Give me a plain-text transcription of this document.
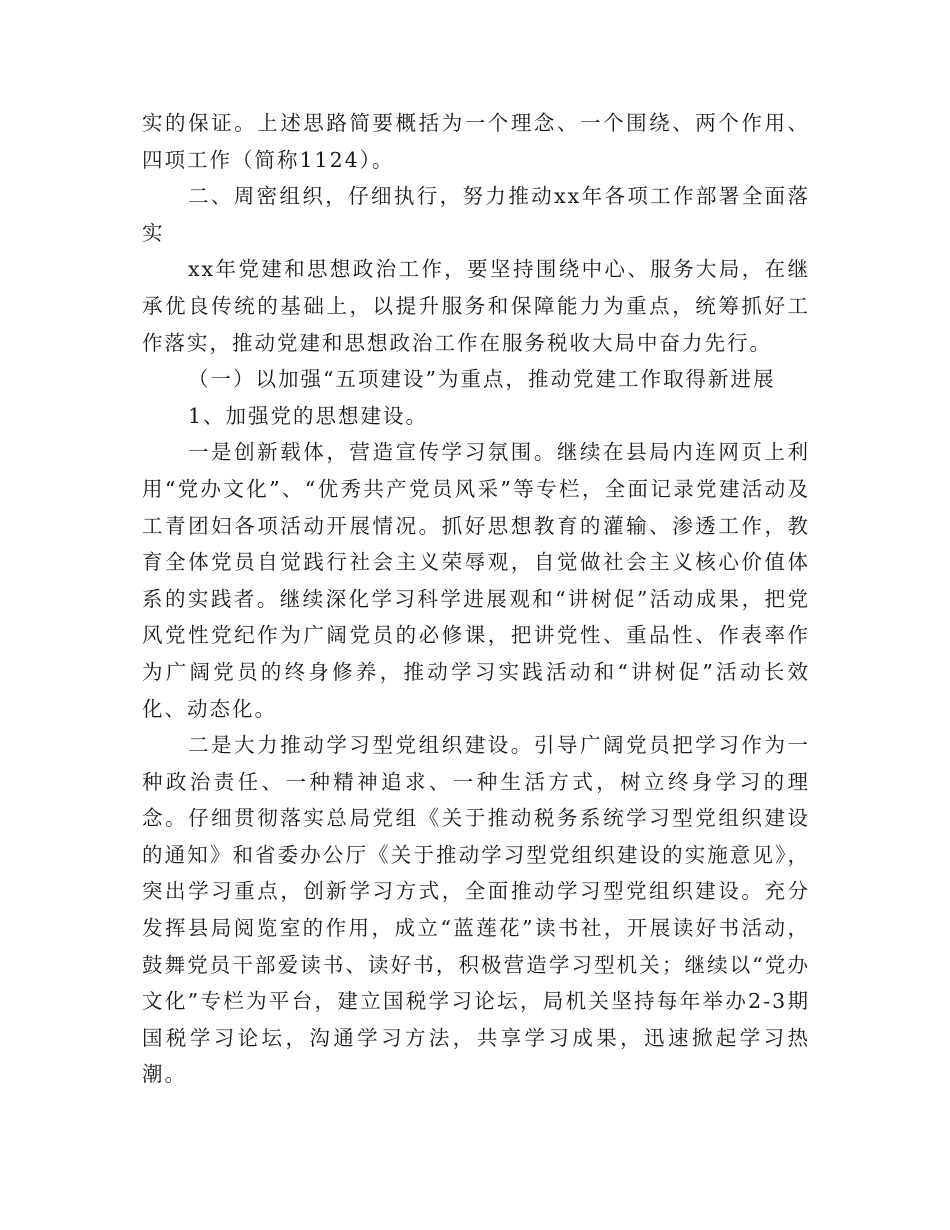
实的保证。上述思路简要概括为一个理念、一个围绕、两个作用、四项工作（简称1124）。

二、周密组织，仔细执行，努力推动xx年各项工作部署全面落实

xx年党建和思想政治工作，要坚持围绕中心、服务大局，在继承优良传统的基础上，以提升服务和保障能力为重点，统筹抓好工作落实，推动党建和思想政治工作在服务税收大局中奋力先行。

（一）以加强“五项建设”为重点，推动党建工作取得新进展

1、加强党的思想建设。

一是创新载体，营造宣传学习氛围。继续在县局内连网页上利用“党办文化”、“优秀共产党员风采”等专栏，全面记录党建活动及工青团妇各项活动开展情况。抓好思想教育的灌输、渗透工作，教育全体党员自觉践行社会主义荣辱观，自觉做社会主义核心价值体系的实践者。继续深化学习科学进展观和“讲树促”活动成果，把党风党性党纪作为广阔党员的必修课，把讲党性、重品性、作表率作为广阔党员的终身修养，推动学习实践活动和“讲树促”活动长效化、动态化。

二是大力推动学习型党组织建设。引导广阔党员把学习作为一种政治责任、一种精神追求、一种生活方式，树立终身学习的理念。仔细贯彻落实总局党组《关于推动税务系统学习型党组织建设的通知》和省委办公厅《关于推动学习型党组织建设的实施意见》，突出学习重点，创新学习方式，全面推动学习型党组织建设。充分发挥县局阅览室的作用，成立“蓝莲花”读书社，开展读好书活动，鼓舞党员干部爱读书、读好书，积极营造学习型机关；继续以“党办文化”专栏为平台，建立国税学习论坛，局机关坚持每年举办2-3期国税学习论坛，沟通学习方法，共享学习成果，迅速掀起学习热潮。
